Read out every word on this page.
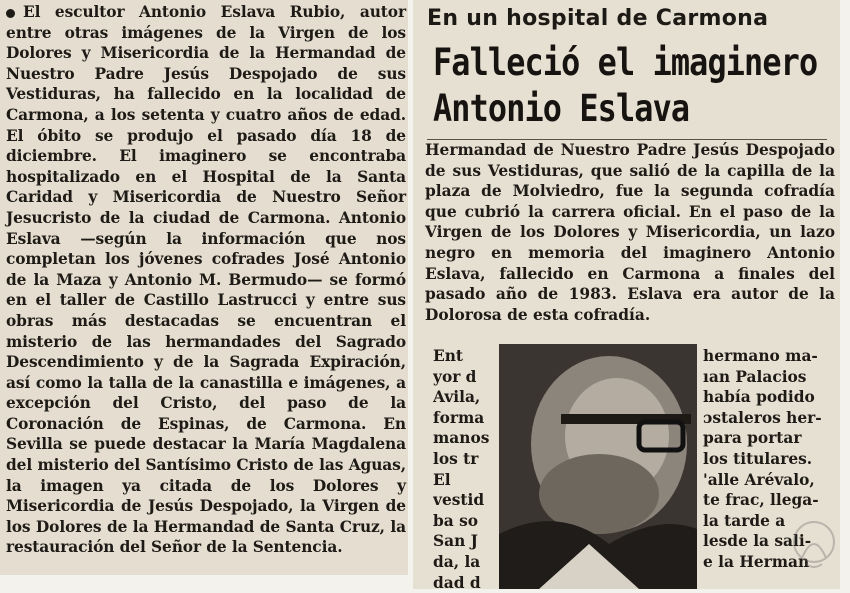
El escultor Antonio Eslava Rubio, autor entre otras imágenes de la Virgen de los Dolores y Misericordia de la Hermandad de Nuestro Padre Jesús Despojado de sus Vestiduras, ha fallecido en la localidad de Carmona, a los setenta y cuatro años de edad. El óbito se produjo el pasado día 18 de diciembre. El imaginero se encontraba hospitalizado en el Hospital de la Santa Caridad y Misericordia de Nuestro Señor Jesucristo de la ciudad de Carmona. Antonio Eslava —según la información que nos completan los jóvenes cofrades José Antonio de la Maza y Antonio M. Bermudo— se formó en el taller de Castillo Lastrucci y entre sus obras más destacadas se encuentran el misterio de las hermandades del Sagrado Descendimiento y de la Sagrada Expiración, así como la talla de la canastilla e imágenes, a excepción del Cristo, del paso de la Coronación de Espinas, de Carmona. En Sevilla se puede destacar la María Magdalena del misterio del Santísimo Cristo de las Aguas, la imagen ya citada de los Dolores y Misericordia de Jesús Despojado, la Virgen de los Dolores de la Hermandad de Santa Cruz, la restauración del Señor de la Sentencia.

En un hospital de Carmona
Falleció el imaginero
Antonio Eslava

Hermandad de Nuestro Padre Jesús Despojado de sus Vestiduras, que salió de la capilla de la plaza de Molviedro, fue la segunda cofradía que cubrió la carrera oficial. En el paso de la Virgen de los Dolores y Misericordia, un lazo negro en memoria del imaginero Antonio Eslava, fallecido en Carmona a finales del pasado año de 1983. Eslava era autor de la Dolorosa de esta cofradía.

Ent
yor d
Avila,
forma
manos
los tr
El
vestid
ba so
San J
da, la
dad d
hermano ma-
ıan Palacios
había podido
ɔstaleros her-
para portar
los titulares.
'alle Arévalo,
te frac, llega-
la tarde a
lesde la sali-
e la Herman
